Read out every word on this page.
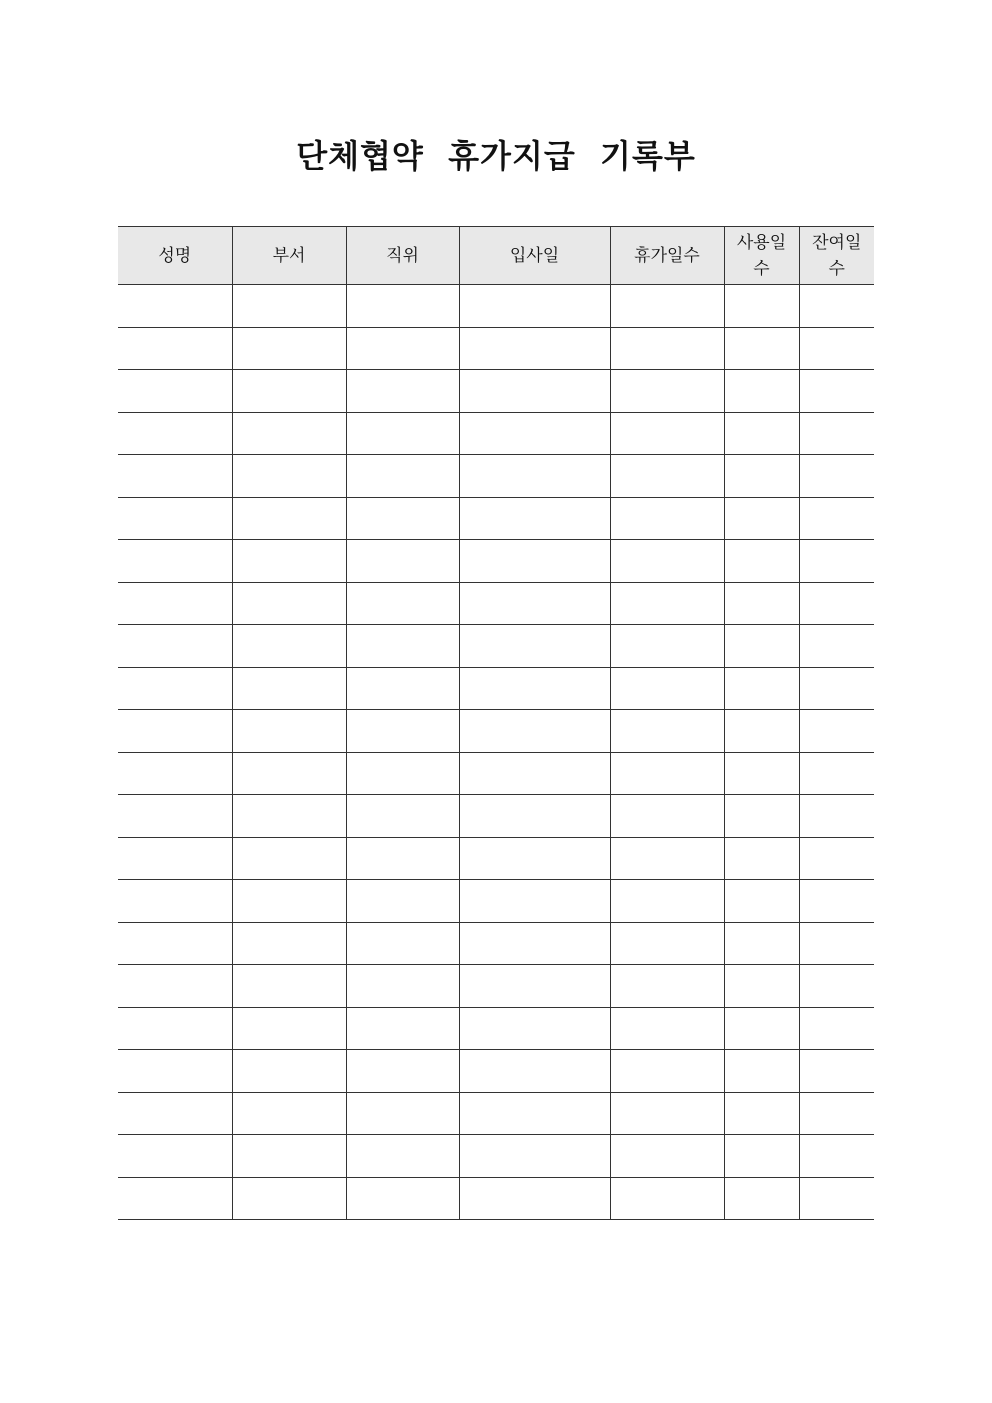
단체협약  휴가지급  기록부
성명	부서	직위	입사일	휴가일수	사용일수	잔여일수
